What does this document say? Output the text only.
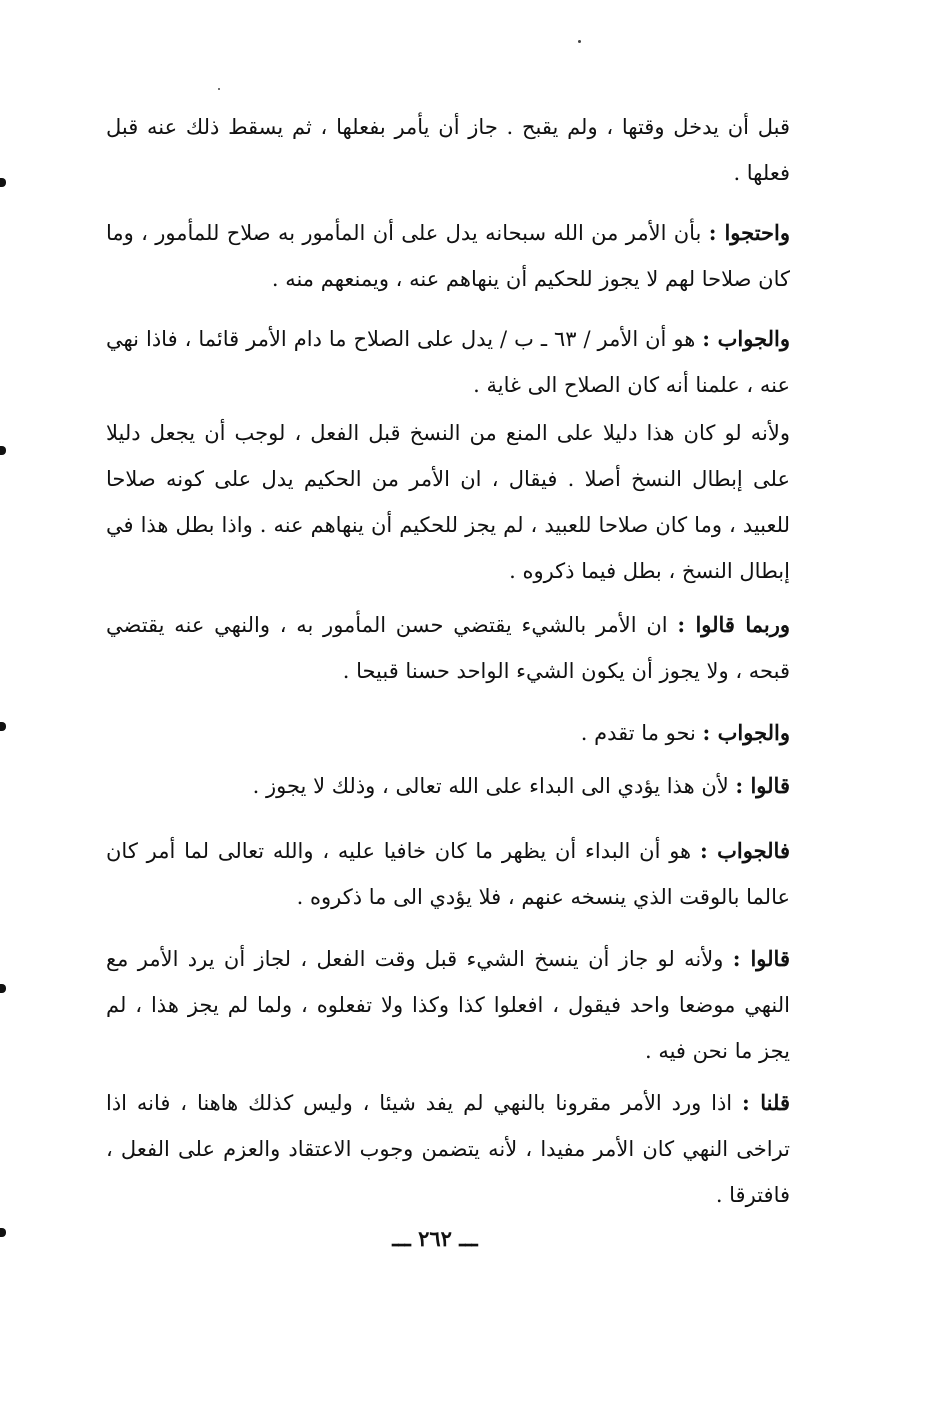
قبل أن يدخل وقتها ، ولم يقبح . جاز أن يأمر بفعلها ، ثم يسقط ذلك عنه قبل فعلها .

واحتجوا : بأن الأمر من الله سبحانه يدل على أن المأمور به صلاح للمأمور ، وما كان صلاحا لهم لا يجوز للحكيم أن ينهاهم عنه ، ويمنعهم منه .

والجواب : هو أن الأمر / ٦٣ ـ ب / يدل على الصلاح ما دام الأمر قائما ، فاذا نهي عنه ، علمنا أنه كان الصلاح الى غاية .

ولأنه لو كان هذا دليلا على المنع من النسخ قبل الفعل ، لوجب أن يجعل دليلا على إبطال النسخ أصلا . فيقال ، ان الأمر من الحكيم يدل على كونه صلاحا للعبيد ، وما كان صلاحا للعبيد ، لم يجز للحكيم أن ينهاهم عنه . واذا بطل هذا في إبطال النسخ ، بطل فيما ذكروه .

وربما قالوا : ان الأمر بالشيء يقتضي حسن المأمور به ، والنهي عنه يقتضي قبحه ، ولا يجوز أن يكون الشيء الواحد حسنا قبيحا .

والجواب : نحو ما تقدم .

قالوا : لأن هذا يؤدي الى البداء على الله تعالى ، وذلك لا يجوز .

فالجواب : هو أن البداء أن يظهر ما كان خافيا عليه ، والله تعالى لما أمر كان عالما بالوقت الذي ينسخه عنهم ، فلا يؤدي الى ما ذكروه .

قالوا : ولأنه لو جاز أن ينسخ الشيء قبل وقت الفعل ، لجاز أن يرد الأمر مع النهي موضعا واحد فيقول ، افعلوا كذا وكذا ولا تفعلوه ، ولما لم يجز هذا ، لم يجز ما نحن فيه .

قلنا : اذا ورد الأمر مقرونا بالنهي لم يفد شيئا ، وليس كذلك هاهنا ، فانه اذا تراخى النهي كان الأمر مفيدا ، لأنه يتضمن وجوب الاعتقاد والعزم على الفعل ، فافترقا .

ـــ ٢٦٢ ـــ
